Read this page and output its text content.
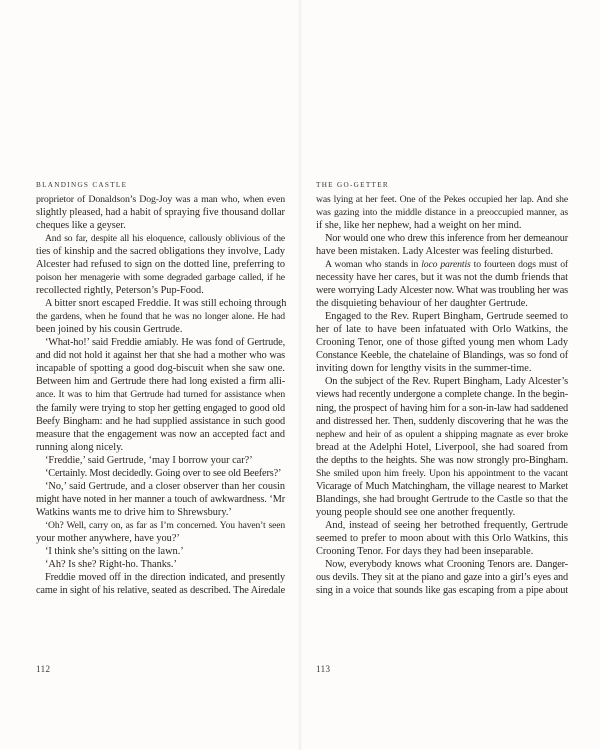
BLANDINGS CASTLE
proprietor of Donaldson’s Dog-Joy was a man who, when even
slightly pleased, had a habit of spraying five thousand dollar
cheques like a geyser.
And so far, despite all his eloquence, callously oblivious of the
ties of kinship and the sacred obligations they involve, Lady
Alcester had refused to sign on the dotted line, preferring to
poison her menagerie with some degraded garbage called, if he
recollected rightly, Peterson’s Pup-Food.
A bitter snort escaped Freddie. It was still echoing through
the gardens, when he found that he was no longer alone. He had
been joined by his cousin Gertrude.
‘What-ho!’ said Freddie amiably. He was fond of Gertrude,
and did not hold it against her that she had a mother who was
incapable of spotting a good dog-biscuit when she saw one.
Between him and Gertrude there had long existed a firm alli-
ance. It was to him that Gertrude had turned for assistance when
the family were trying to stop her getting engaged to good old
Beefy Bingham: and he had supplied assistance in such good
measure that the engagement was now an accepted fact and
running along nicely.
‘Freddie,’ said Gertrude, ‘may I borrow your car?’
‘Certainly. Most decidedly. Going over to see old Beefers?’
‘No,’ said Gertrude, and a closer observer than her cousin
might have noted in her manner a touch of awkwardness. ‘Mr
Watkins wants me to drive him to Shrewsbury.’
‘Oh? Well, carry on, as far as I’m concerned. You haven’t seen
your mother anywhere, have you?’
‘I think she’s sitting on the lawn.’
‘Ah? Is she? Right-ho. Thanks.’
Freddie moved off in the direction indicated, and presently
came in sight of his relative, seated as described. The Airedale
112
THE GO-GETTER
was lying at her feet. One of the Pekes occupied her lap. And she
was gazing into the middle distance in a preoccupied manner, as
if she, like her nephew, had a weight on her mind.
Nor would one who drew this inference from her demeanour
have been mistaken. Lady Alcester was feeling disturbed.
A woman who stands in loco parentis to fourteen dogs must of
necessity have her cares, but it was not the dumb friends that
were worrying Lady Alcester now. What was troubling her was
the disquieting behaviour of her daughter Gertrude.
Engaged to the Rev. Rupert Bingham, Gertrude seemed to
her of late to have been infatuated with Orlo Watkins, the
Crooning Tenor, one of those gifted young men whom Lady
Constance Keeble, the chatelaine of Blandings, was so fond of
inviting down for lengthy visits in the summer-time.
On the subject of the Rev. Rupert Bingham, Lady Alcester’s
views had recently undergone a complete change. In the begin-
ning, the prospect of having him for a son-in-law had saddened
and distressed her. Then, suddenly discovering that he was the
nephew and heir of as opulent a shipping magnate as ever broke
bread at the Adelphi Hotel, Liverpool, she had soared from
the depths to the heights. She was now strongly pro-Bingham.
She smiled upon him freely. Upon his appointment to the vacant
Vicarage of Much Matchingham, the village nearest to Market
Blandings, she had brought Gertrude to the Castle so that the
young people should see one another frequently.
And, instead of seeing her betrothed frequently, Gertrude
seemed to prefer to moon about with this Orlo Watkins, this
Crooning Tenor. For days they had been inseparable.
Now, everybody knows what Crooning Tenors are. Danger-
ous devils. They sit at the piano and gaze into a girl’s eyes and
sing in a voice that sounds like gas escaping from a pipe about
113
